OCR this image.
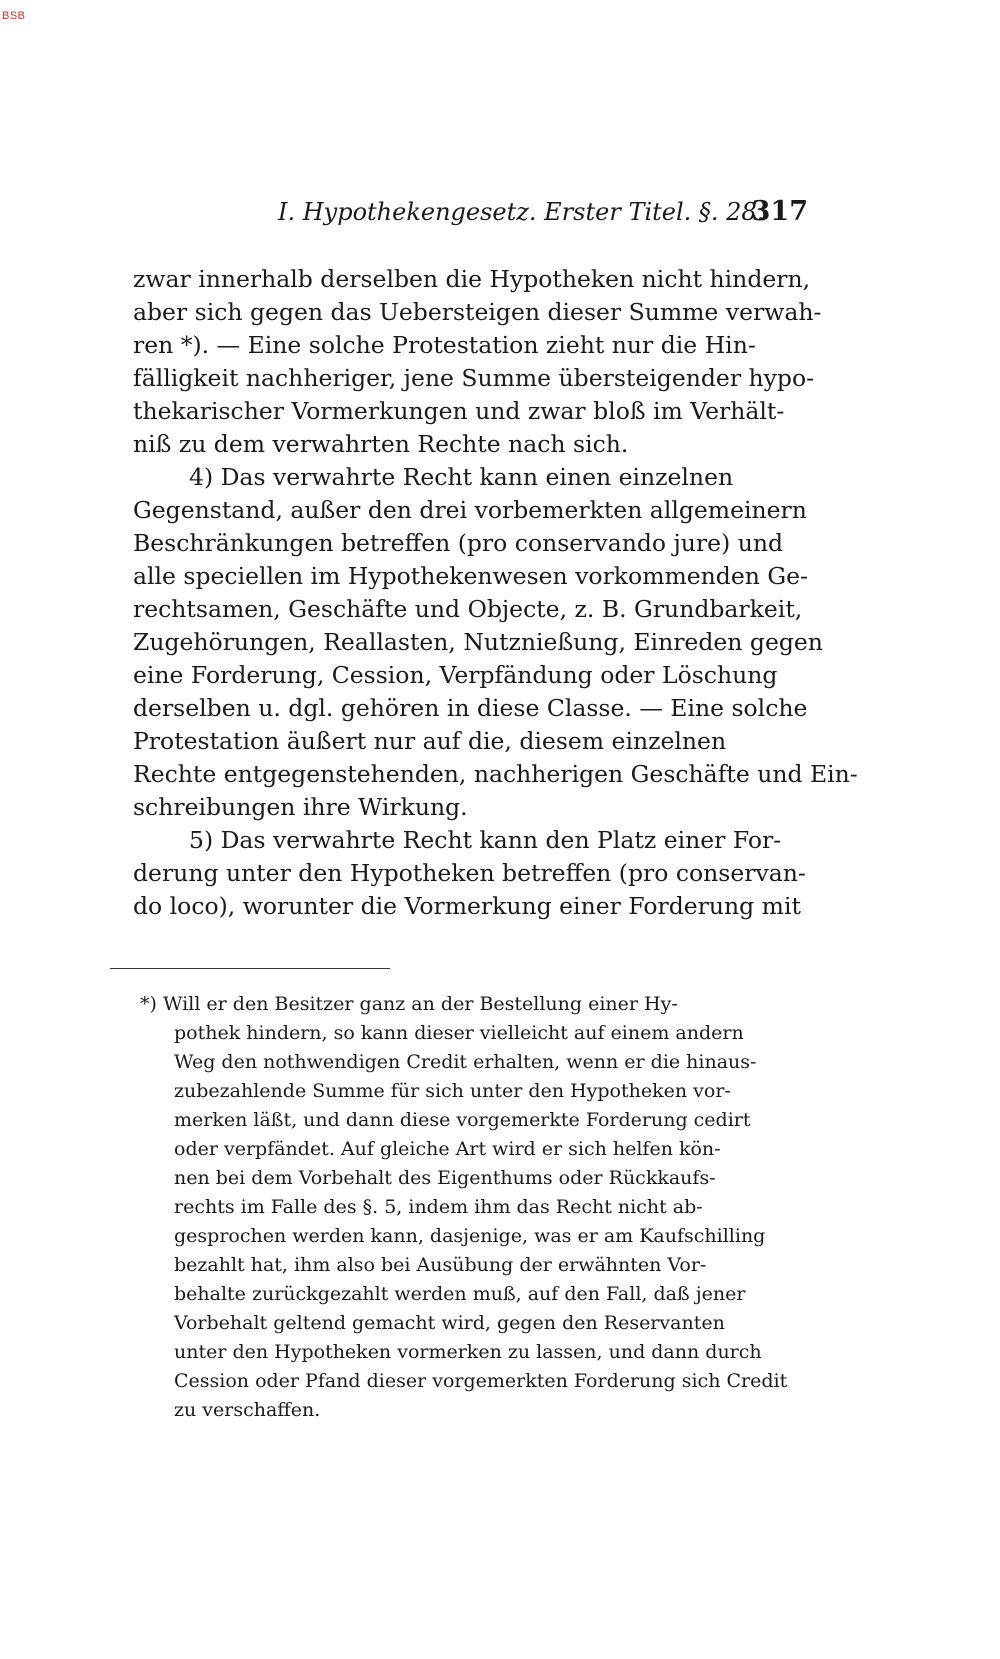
BSB
I. Hypothekengesetz. Erster Titel. §. 28.
317
zwar innerhalb derselben die Hypotheken nicht hindern,
aber sich gegen das Uebersteigen dieser Summe verwah-
ren *). — Eine solche Protestation zieht nur die Hin-
fälligkeit nachheriger, jene Summe übersteigender hypo-
thekarischer Vormerkungen und zwar bloß im Verhält-
niß zu dem verwahrten Rechte nach sich.
4) Das verwahrte Recht kann einen einzelnen
Gegenstand, außer den drei vorbemerkten allgemeinern
Beschränkungen betreffen (pro conservando jure) und
alle speciellen im Hypothekenwesen vorkommenden Ge-
rechtsamen, Geschäfte und Objecte, z. B. Grundbarkeit,
Zugehörungen, Reallasten, Nutznießung, Einreden gegen
eine Forderung, Cession, Verpfändung oder Löschung
derselben u. dgl. gehören in diese Classe. — Eine solche
Protestation äußert nur auf die, diesem einzelnen
Rechte entgegenstehenden, nachherigen Geschäfte und Ein-
schreibungen ihre Wirkung.
5) Das verwahrte Recht kann den Platz einer For-
derung unter den Hypotheken betreffen (pro conservan-
do loco), worunter die Vormerkung einer Forderung mit
*) Will er den Besitzer ganz an der Bestellung einer Hy-
pothek hindern, so kann dieser vielleicht auf einem andern
Weg den nothwendigen Credit erhalten, wenn er die hinaus-
zubezahlende Summe für sich unter den Hypotheken vor-
merken läßt, und dann diese vorgemerkte Forderung cedirt
oder verpfändet. Auf gleiche Art wird er sich helfen kön-
nen bei dem Vorbehalt des Eigenthums oder Rückkaufs-
rechts im Falle des §. 5, indem ihm das Recht nicht ab-
gesprochen werden kann, dasjenige, was er am Kaufschilling
bezahlt hat, ihm also bei Ausübung der erwähnten Vor-
behalte zurückgezahlt werden muß, auf den Fall, daß jener
Vorbehalt geltend gemacht wird, gegen den Reservanten
unter den Hypotheken vormerken zu lassen, und dann durch
Cession oder Pfand dieser vorgemerkten Forderung sich Credit
zu verschaffen.
